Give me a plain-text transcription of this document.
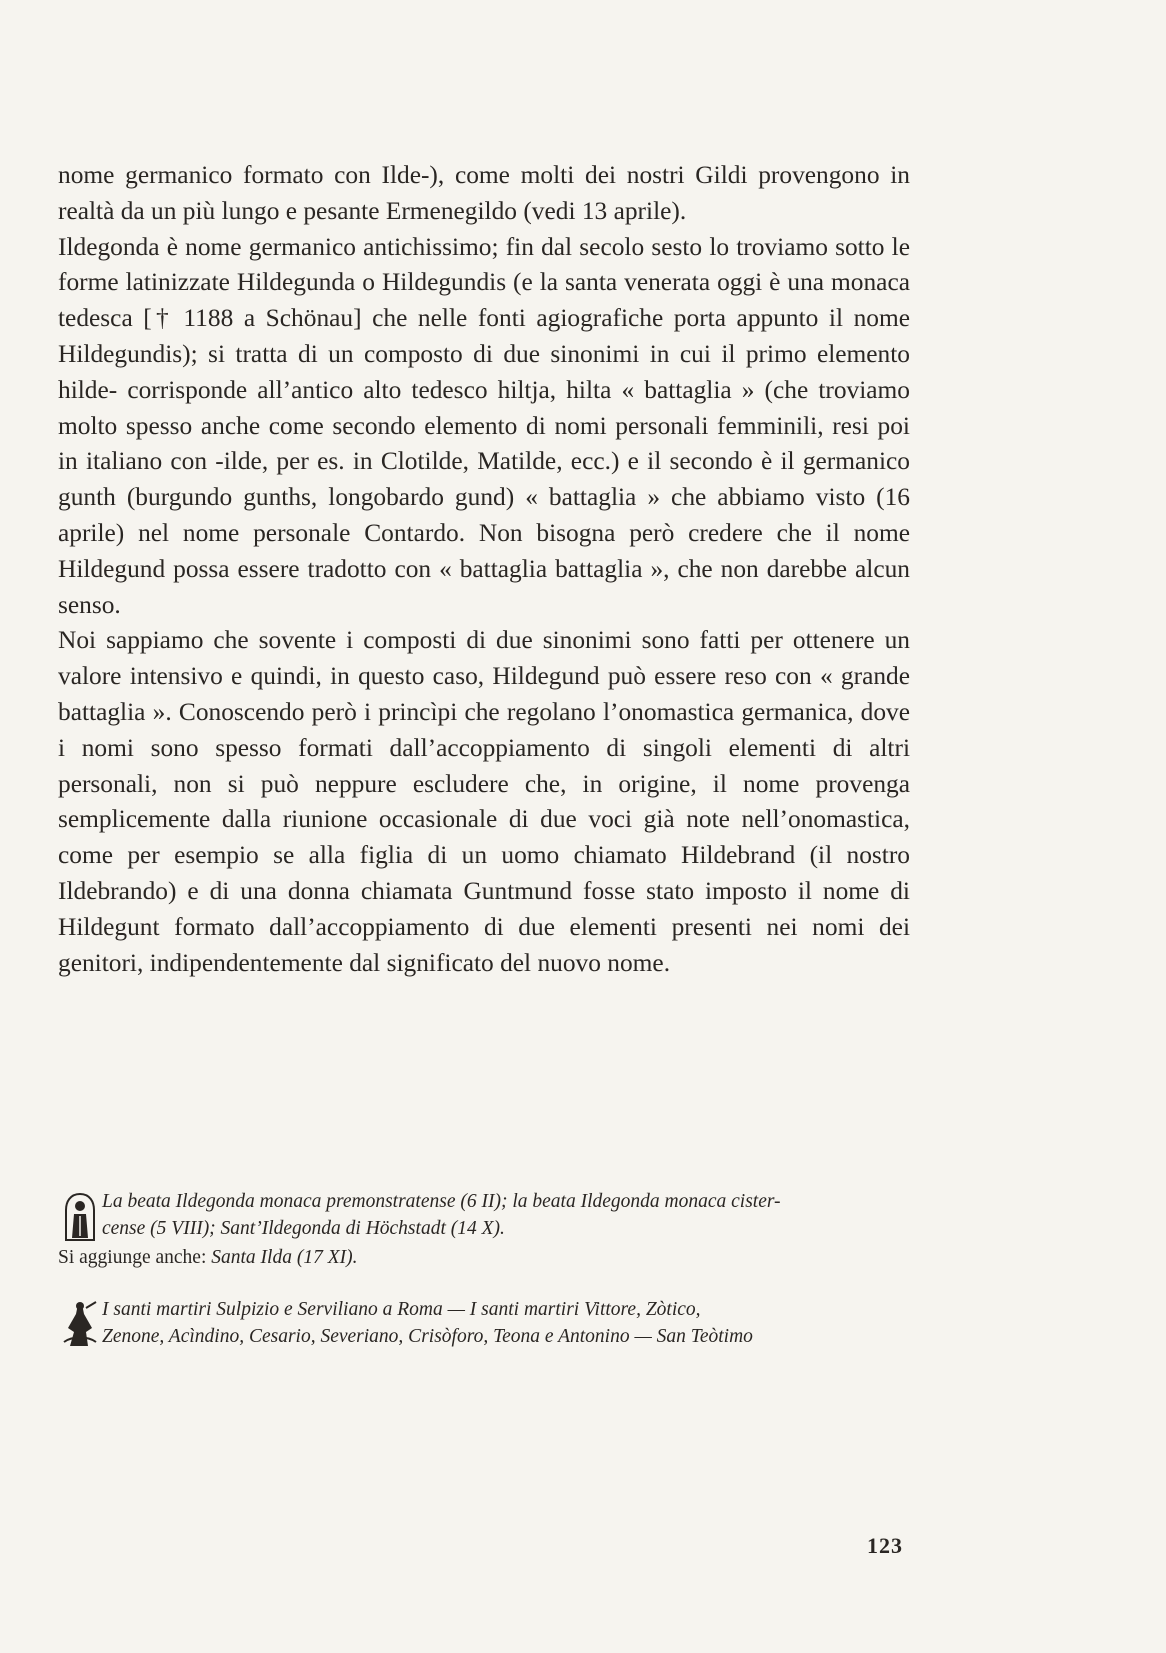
nome germanico formato con Ilde-), come molti dei nostri Gildi provengono in realtà da un più lungo e pesante Ermenegildo (vedi 13 aprile).

Ildegonda è nome germanico antichissimo; fin dal secolo sesto lo troviamo sotto le forme latinizzate Hildegunda o Hildegundis (e la santa venerata oggi è una monaca tedesca [† 1188 a Schönau] che nelle fonti agiografiche porta appunto il nome Hildegundis); si tratta di un composto di due sinonimi in cui il primo elemento hilde- corrisponde all’antico alto tedesco hiltja, hilta « battaglia » (che troviamo molto spesso anche come secondo elemento di nomi personali femminili, resi poi in italiano con -ilde, per es. in Clotilde, Matilde, ecc.) e il secondo è il germanico gunth (burgundo gunths, longobardo gund) « battaglia » che abbiamo visto (16 aprile) nel nome personale Contardo. Non bisogna però credere che il nome Hildegund possa essere tradotto con « battaglia battaglia », che non darebbe alcun senso.

Noi sappiamo che sovente i composti di due sinonimi sono fatti per ottenere un valore intensivo e quindi, in questo caso, Hildegund può essere reso con « grande battaglia ». Conoscendo però i princìpi che regolano l’onomastica germanica, dove i nomi sono spesso formati dall’accoppiamento di singoli elementi di altri personali, non si può neppure escludere che, in origine, il nome provenga semplicemente dalla riunione occasionale di due voci già note nell’onomastica, come per esempio se alla figlia di un uomo chiamato Hildebrand (il nostro Ildebrando) e di una donna chiamata Guntmund fosse stato imposto il nome di Hildegunt formato dall’accoppiamento di due elementi presenti nei nomi dei genitori, indipendentemente dal significato del nuovo nome.

La beata Ildegonda monaca premonstratense (6 II); la beata Ildegonda monaca cister-
cense (5 VIII); Sant’Ildegonda di Höchstadt (14 X).
Si aggiunge anche: Santa Ilda (17 XI).
I santi martiri Sulpizio e Serviliano a Roma — I santi martiri Vittore, Zòtico,
Zenone, Acìndino, Cesario, Severiano, Crisòforo, Teona e Antonino — San Teòtimo
123
